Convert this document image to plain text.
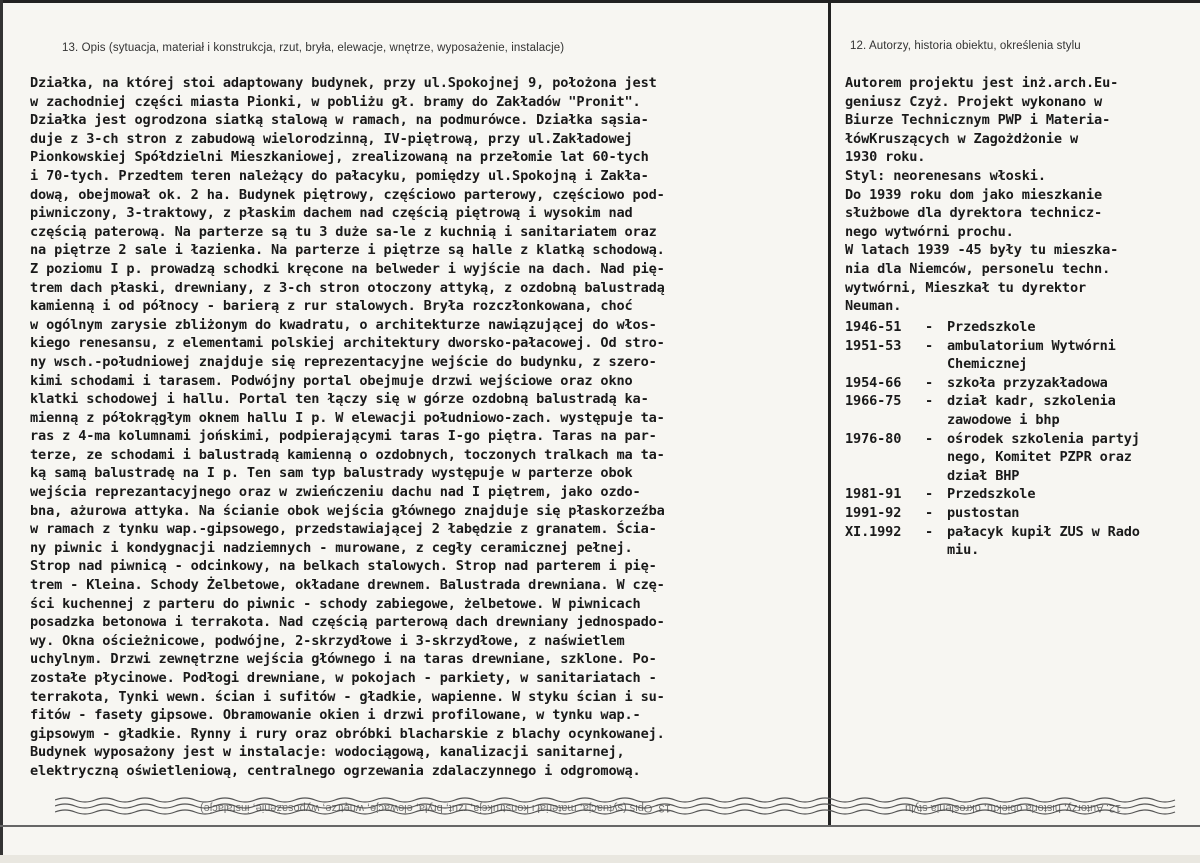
13. Opis (sytuacja, materiał i konstrukcja, rzut, bryła, elewacje, wnętrze, wyposażenie, instalacje)	12. Autorzy, historia obiektu, określenia stylu
Działka, na której stoi adaptowany budynek, przy ul.Spokojnej 9, położona jest
w zachodniej części miasta Pionki, w pobliżu gł. bramy do Zakładów "Pronit".
Działka jest ogrodzona siatką stalową w ramach, na podmurówce. Działka sąsia-
duje z 3-ch stron z zabudową wielorodzinną, IV-piętrową, przy ul.Zakładowej
Pionkowskiej Spółdzielni Mieszkaniowej, zrealizowaną na przełomie lat 60-tych
i 70-tych. Przedtem teren należący do pałacyku, pomiędzy ul.Spokojną i Zakła-
dową, obejmował ok. 2 ha. Budynek piętrowy, częściowo parterowy, częściowo pod-
piwniczony, 3-traktowy, z płaskim dachem nad częścią piętrową i wysokim nad
częścią paterową. Na parterze są tu 3 duże sa-le z kuchnią i sanitariatem oraz
na piętrze 2 sale i łazienka. Na parterze i piętrze są halle z klatką schodową.
Z poziomu I p. prowadzą schodki kręcone na belweder i wyjście na dach. Nad pię-
trem dach płaski, drewniany, z 3-ch stron otoczony attyką, z ozdobną balustradą
kamienną i od północy - barierą z rur stalowych. Bryła rozczłonkowana, choć
w ogólnym zarysie zbliżonym do kwadratu, o architekturze nawiązującej do włos-
kiego renesansu, z elementami polskiej architektury dworsko-pałacowej. Od stro-
ny wsch.-południowej znajduje się reprezentacyjne wejście do budynku, z szero-
kimi schodami i tarasem. Podwójny portal obejmuje drzwi wejściowe oraz okno
klatki schodowej i hallu. Portal ten łączy się w górze ozdobną balustradą ka-
mienną z półokrągłym oknem hallu I p. W elewacji południowo-zach. występuje ta-
ras z 4-ma kolumnami jońskimi, podpierającymi taras I-go piętra. Taras na par-
terze, ze schodami i balustradą kamienną o ozdobnych, toczonych tralkach ma ta-
ką samą balustradę na I p. Ten sam typ balustrady występuje w parterze obok
wejścia reprezantacyjnego oraz w zwieńczeniu dachu nad I piętrem, jako ozdo-
bna, ażurowa attyka. Na ścianie obok wejścia głównego znajduje się płaskorzeźba
w ramach z tynku wap.-gipsowego, przedstawiającej 2 łabędzie z granatem. Ścia-
ny piwnic i kondygnacji nadziemnych - murowane, z cegły ceramicznej pełnej.
Strop nad piwnicą - odcinkowy, na belkach stalowych. Strop nad parterem i pię-
trem - Kleina. Schody Żelbetowe, okładane drewnem. Balustrada drewniana. W czę-
ści kuchennej z parteru do piwnic - schody zabiegowe, żelbetowe. W piwnicach
posadzka betonowa i terrakota. Nad częścią parterową dach drewniany jednospado-
wy. Okna ościeżnicowe, podwójne, 2-skrzydłowe i 3-skrzydłowe, z naświetlem
uchylnym. Drzwi zewnętrzne wejścia głównego i na taras drewniane, szklone. Po-
zostałe płycinowe. Podłogi drewniane, w pokojach - parkiety, w sanitariatach -
terrakota, Tynki wewn. ścian i sufitów - gładkie, wapienne. W styku ścian i su-
fitów - fasety gipsowe. Obramowanie okien i drzwi profilowane, w tynku wap.-
gipsowym - gładkie. Rynny i rury oraz obróbki blacharskie z blachy ocynkowanej.
Budynek wyposażony jest w instalacje: wodociągową, kanalizacji sanitarnej,
elektryczną oświetleniową, centralnego ogrzewania zdalaczynnego i odgromową.
Autorem projektu jest inż.arch.Eu-
geniusz Czyż. Projekt wykonano w
Biurze Technicznym PWP i Materia-
łówKruszących w Zagożdżonie w
1930 roku.
Styl: neorenesans włoski.
Do 1939 roku dom jako mieszkanie
służbowe dla dyrektora technicz-
nego wytwórni prochu.
W latach 1939 -45 były tu mieszka-
nia dla Niemców, personelu techn.
wytwórni, Mieszkał tu dyrektor
Neuman.
1946-51	-	Przedszkole
1951-53	-	ambulatorium Wytwórni
Chemicznej
1954-66	-	szkoła przyzakładowa
1966-75	-	dział kadr, szkolenia
zawodowe i bhp
1976-80	-	ośrodek szkolenia partyj
nego, Komitet PZPR oraz
dział BHP
1981-91	-	Przedszkole
1991-92	-	pustostan
XI.1992	-	pałacyk kupił ZUS w Rado
miu.
13. Opis (sytuacja, materiał i konstrukcja, rzut, bryła, elewacje, wnętrze, wyposażenie, instalacje)	12. Autorzy, historia obiektu, określenia stylu
